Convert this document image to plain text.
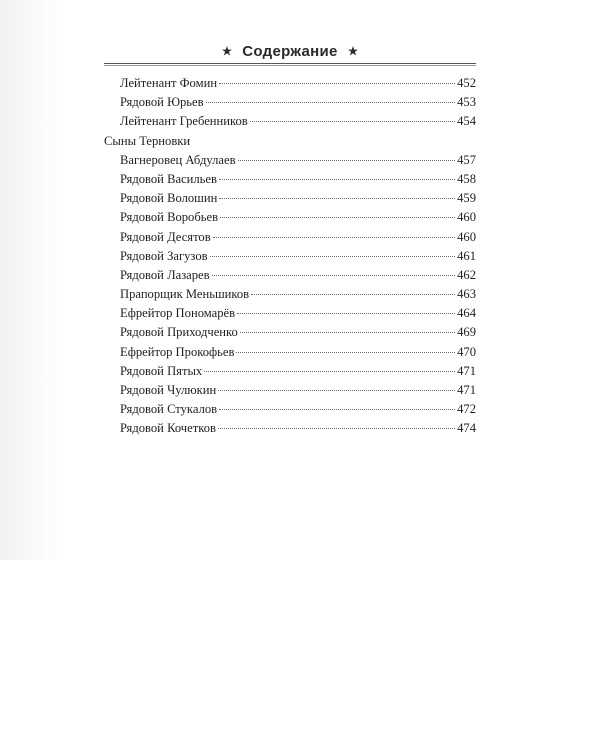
Содержание
Лейтенант Фомин	452
Рядовой Юрьев	453
Лейтенант Гребенников	454
Сыны Терновки
Вагнеровец Абдулаев	457
Рядовой Васильев	458
Рядовой Волошин	459
Рядовой Воробьев	460
Рядовой Десятов	460
Рядовой Загузов	461
Рядовой Лазарев	462
Прапорщик Меньшиков	463
Ефрейтор Пономарёв	464
Рядовой Приходченко	469
Ефрейтор Прокофьев	470
Рядовой Пятых	471
Рядовой Чулюкин	471
Рядовой Стукалов	472
Рядовой Кочетков	474
